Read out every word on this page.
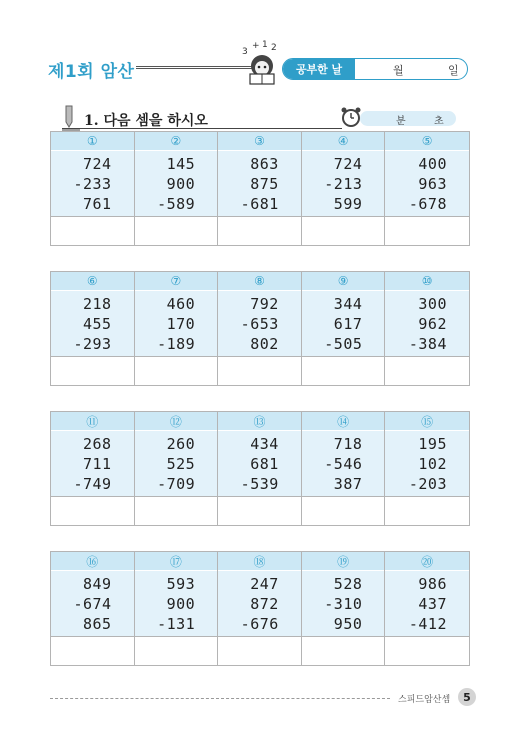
제1회 암산
3
+ 1 2
공부한 날	월	일
1. 다음 셈을 하시오	분	초
①
724
-233
761
②
145
900
-589
③
863
875
-681
④
724
-213
599
⑤
400
963
-678
⑥
218
455
-293
⑦
460
170
-189
⑧
792
-653
802
⑨
344
617
-505
⑩
300
962
-384
⑪
268
711
-749
⑫
260
525
-709
⑬
434
681
-539
⑭
718
-546
387
⑮
195
102
-203
⑯
849
-674
865
⑰
593
900
-131
⑱
247
872
-676
⑲
528
-310
950
⑳
986
437
-412
스피드암산셈	5
